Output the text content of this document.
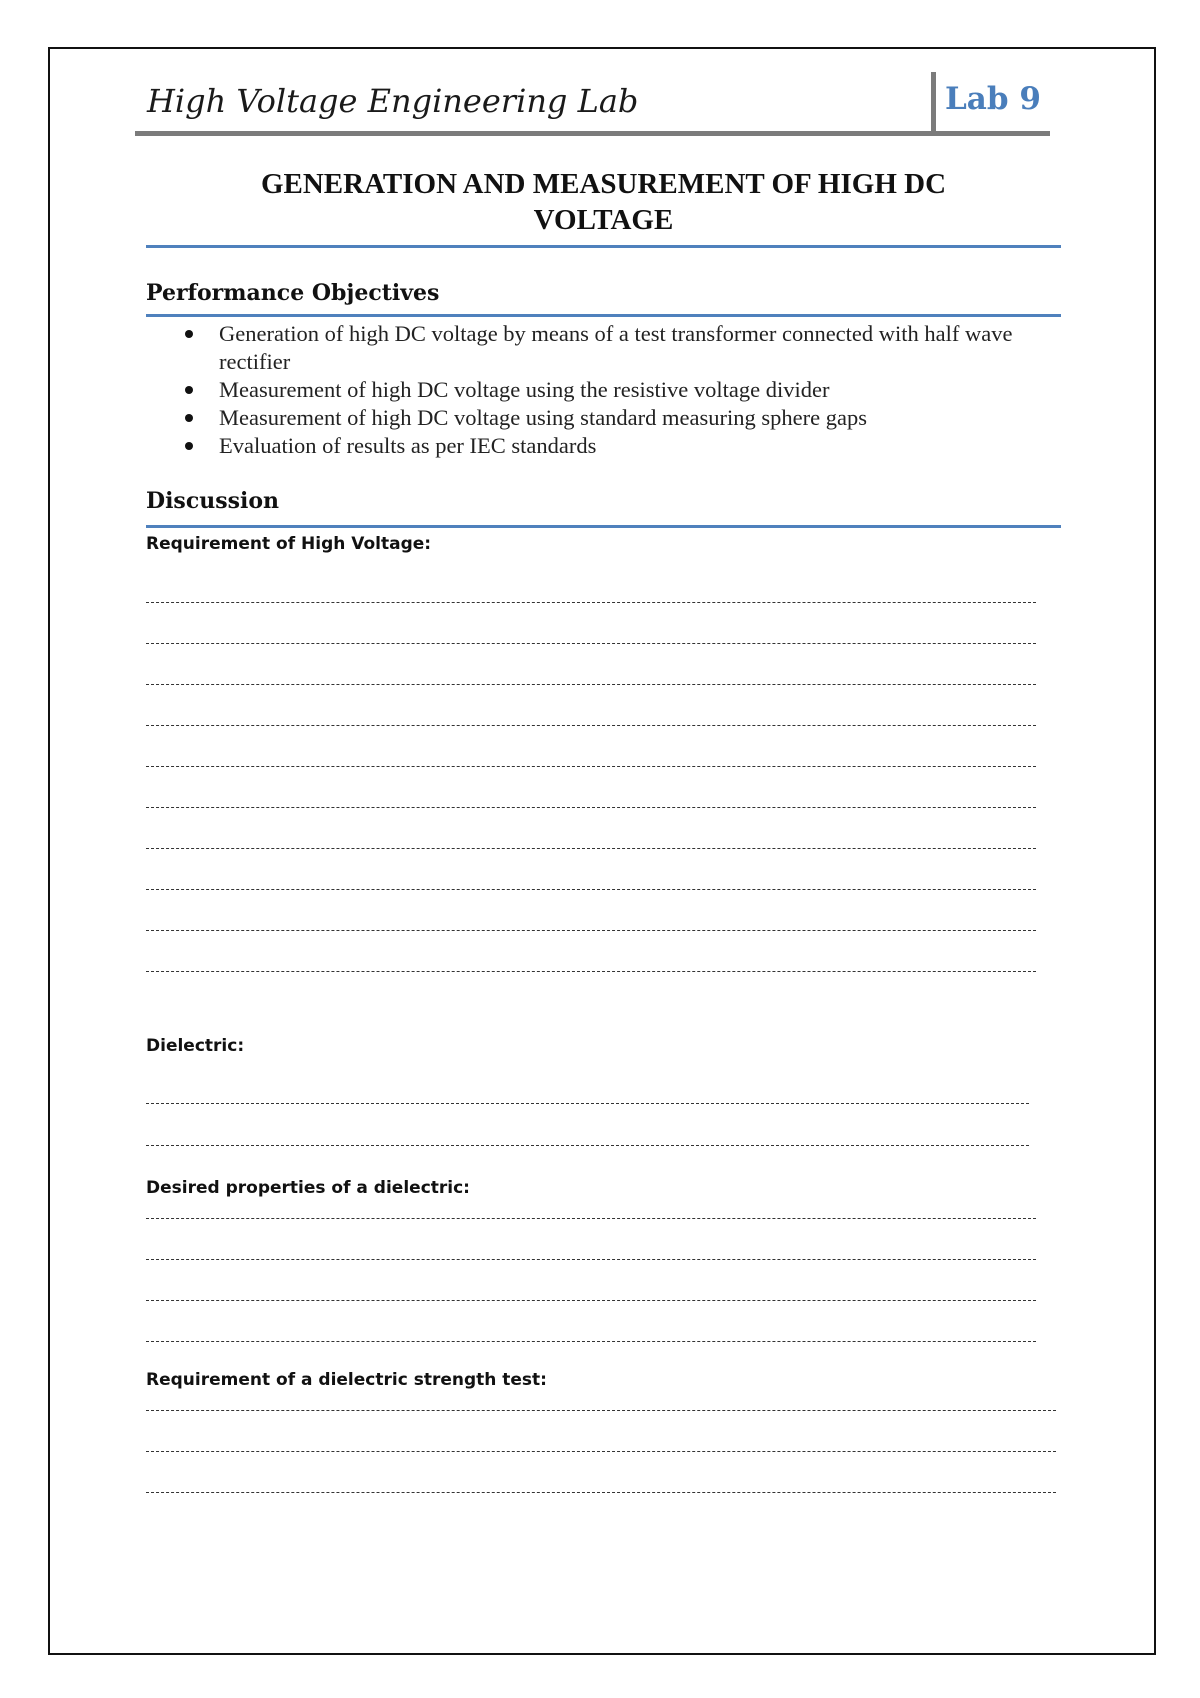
High Voltage Engineering Lab	Lab 9
GENERATION AND MEASUREMENT OF HIGH DC
VOLTAGE
Performance Objectives
Generation of high DC voltage by means of a test transformer connected with half wave rectifier
Measurement of high DC voltage using the resistive voltage divider
Measurement of high DC voltage using standard measuring sphere gaps
Evaluation of results as per IEC standards
Discussion
Requirement of High Voltage:
Dielectric:
Desired properties of a dielectric:
Requirement of a dielectric strength test:
